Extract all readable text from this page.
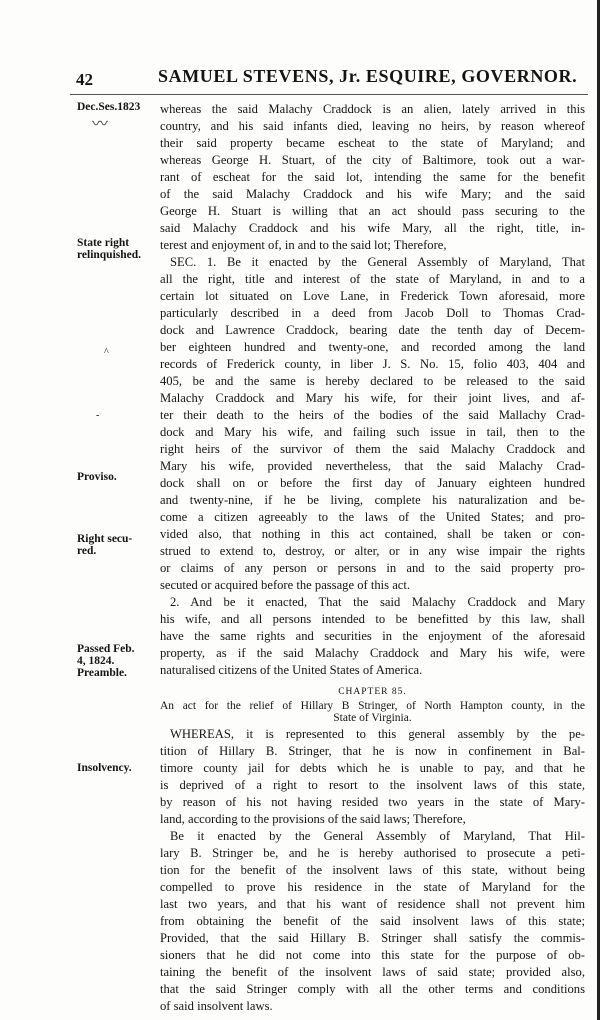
42	SAMUEL STEVENS, Jr. ESQUIRE, GOVERNOR.
Dec.Ses.1823
〰
State right
relinquished.
^
-
Proviso.
Right secu-
red.
Passed Feb.
4, 1824.
Preamble.
Insolvency.
whereas the said Malachy Craddock is an alien, lately arrived in this
country, and his said infants died, leaving no heirs, by reason whereof
their said property became escheat to the state of Maryland; and
whereas George H. Stuart, of the city of Baltimore, took out a war-
rant of escheat for the said lot, intending the same for the benefit
of the said Malachy Craddock and his wife Mary; and the said
George H. Stuart is willing that an act should pass securing to the
said Malachy Craddock and his wife Mary, all the right, title, in-
terest and enjoyment of, in and to the said lot; Therefore,
SEC. 1. Be it enacted by the General Assembly of Maryland, That
all the right, title and interest of the state of Maryland, in and to a
certain lot situated on Love Lane, in Frederick Town aforesaid, more
particularly described in a deed from Jacob Doll to Thomas Crad-
dock and Lawrence Craddock, bearing date the tenth day of Decem-
ber eighteen hundred and twenty-one, and recorded among the land
records of Frederick county, in liber J. S. No. 15, folio 403, 404 and
405, be and the same is hereby declared to be released to the said
Malachy Craddock and Mary his wife, for their joint lives, and af-
ter their death to the heirs of the bodies of the said Mallachy Crad-
dock and Mary his wife, and failing such issue in tail, then to the
right heirs of the survivor of them the said Malachy Craddock and
Mary his wife, provided nevertheless, that the said Malachy Crad-
dock shall on or before the first day of January eighteen hundred
and twenty-nine, if he be living, complete his naturalization and be-
come a citizen agreeably to the laws of the United States; and pro-
vided also, that nothing in this act contained, shall be taken or con-
strued to extend to, destroy, or alter, or in any wise impair the rights
or claims of any person or persons in and to the said property pro-
secuted or acquired before the passage of this act.
2. And be it enacted, That the said Malachy Craddock and Mary
his wife, and all persons intended to be benefitted by this law, shall
have the same rights and securities in the enjoyment of the aforesaid
property, as if the said Malachy Craddock and Mary his wife, were
naturalised citizens of the United States of America.
CHAPTER 85.
An act for the relief of Hillary B Stringer, of North Hampton county, in the
State of Virginia.
WHEREAS, it is represented to this general assembly by the pe-
tition of Hillary B. Stringer, that he is now in confinement in Bal-
timore county jail for debts which he is unable to pay, and that he
is deprived of a right to resort to the insolvent laws of this state,
by reason of his not having resided two years in the state of Mary-
land, according to the provisions of the said laws; Therefore,
Be it enacted by the General Assembly of Maryland, That Hil-
lary B. Stringer be, and he is hereby authorised to prosecute a peti-
tion for the benefit of the insolvent laws of this state, without being
compelled to prove his residence in the state of Maryland for the
last two years, and that his want of residence shall not prevent him
from obtaining the benefit of the said insolvent laws of this state;
Provided, that the said Hillary B. Stringer shall satisfy the commis-
sioners that he did not come into this state for the purpose of ob-
taining the benefit of the insolvent laws of said state; provided also,
that the said Stringer comply with all the other terms and conditions
of said insolvent laws.
